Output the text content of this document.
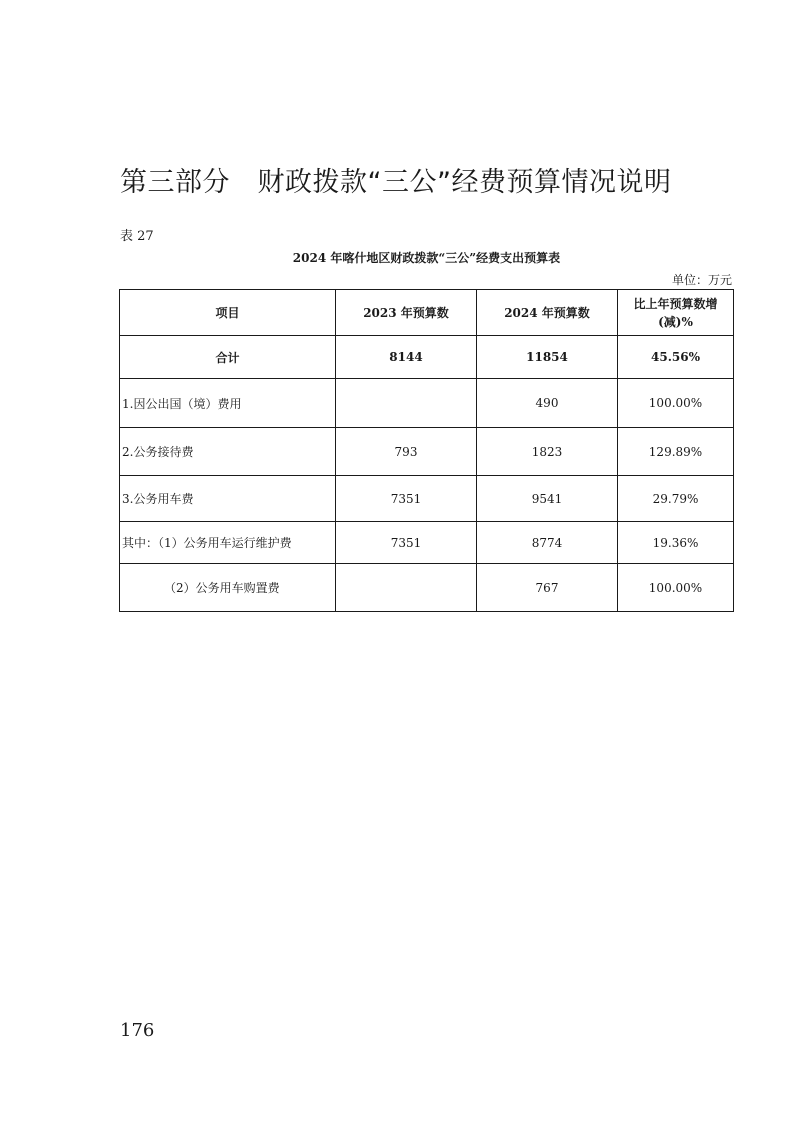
第三部分　财政拨款“三公”经费预算情况说明
表 27
2024 年喀什地区财政拨款“三公”经费支出预算表
单位：万元
项目	2023 年预算数	2024 年预算数	比上年预算数增(减)%

合计	8144	11854	45.56%
1.因公出国（境）费用		490	100.00%
2.公务接待费	793	1823	129.89%
3.公务用车费	7351	9541	29.79%
其中：（1）公务用车运行维护费	7351	8774	19.36%
（2）公务用车购置费		767	100.00%
176
